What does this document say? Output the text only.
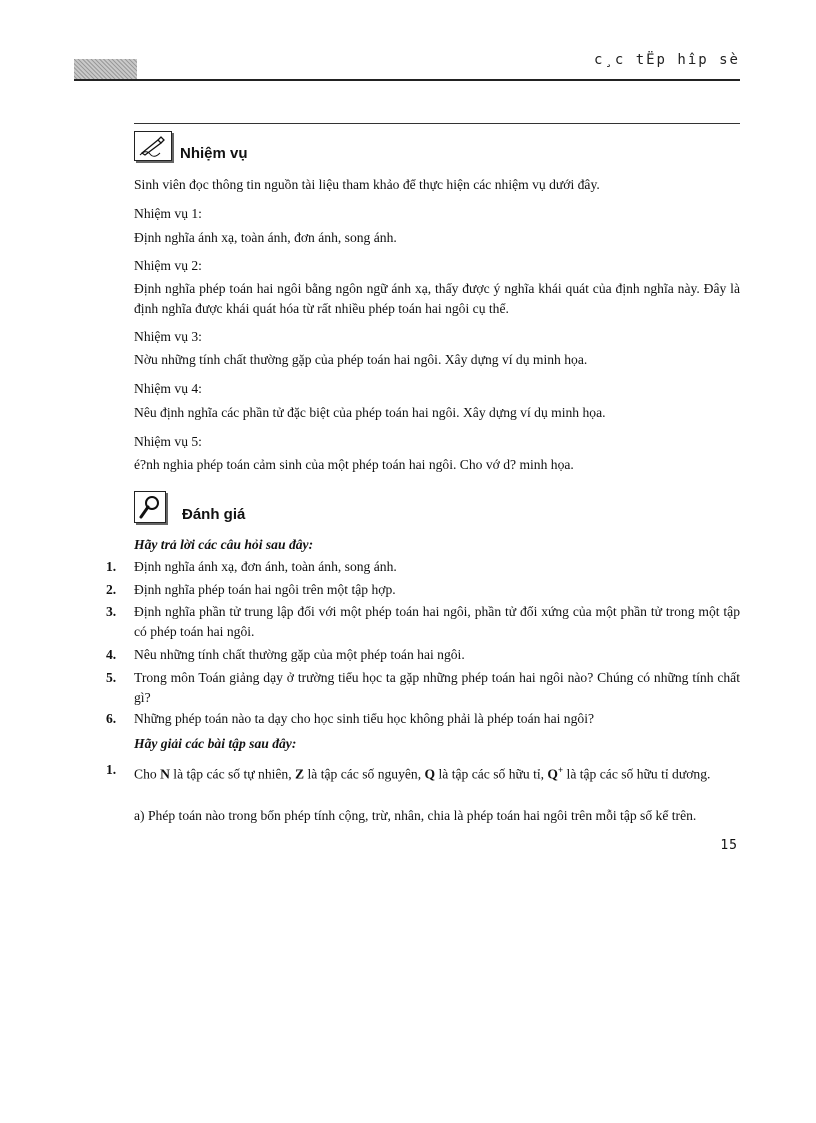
c¸c tËp hîp sè
Nhiệm vụ
Sinh viên đọc thông tin nguồn tài liệu tham khảo để thực hiện các nhiệm vụ dưới đây.
Nhiệm vụ 1:
Định nghĩa ánh xạ, toàn ánh, đơn ánh, song ánh.
Nhiệm vụ 2:
Định nghĩa phép toán hai ngôi bằng ngôn ngữ ánh xạ, thấy được ý nghĩa khái quát của định nghĩa này. Đây là định nghĩa được khái quát hóa từ rất nhiều phép toán hai ngôi cụ thể.
Nhiệm vụ 3:
Nờu những tính chất thường gặp của phép toán hai ngôi. Xây dựng ví dụ minh họa.
Nhiệm vụ 4:
Nêu định nghĩa các phần tử đặc biệt của phép toán hai ngôi. Xây dựng ví dụ minh họa.
Nhiệm vụ 5:
é?nh nghia phép toán cảm sinh của một phép toán hai ngôi. Cho vớ d? minh họa.
Đánh giá
Hãy trả lời các câu hỏi sau đây:
1. Định nghĩa ánh xạ, đơn ánh, toàn ánh, song ánh.
2. Định nghĩa phép toán hai ngôi trên một tập hợp.
3. Định nghĩa phần tử trung lập đối với một phép toán hai ngôi, phần tử đối xứng của một phần tử trong một tập có phép toán hai ngôi.
4. Nêu những tính chất thường gặp của một phép toán hai ngôi.
5. Trong môn Toán giảng dạy ở trường tiểu học ta gặp những phép toán hai ngôi nào? Chúng có những tính chất gì?
6. Những phép toán nào ta dạy cho học sinh tiểu học không phải là phép toán hai ngôi?
Hãy giải các bài tập sau đây:
1. Cho N là tập các số tự nhiên, Z là tập các số nguyên, Q là tập các số hữu tỉ, Q+ là tập các số hữu tỉ dương.
a) Phép toán nào trong bốn phép tính cộng, trừ, nhân, chia là phép toán hai ngôi trên mỗi tập số kể trên.
15
